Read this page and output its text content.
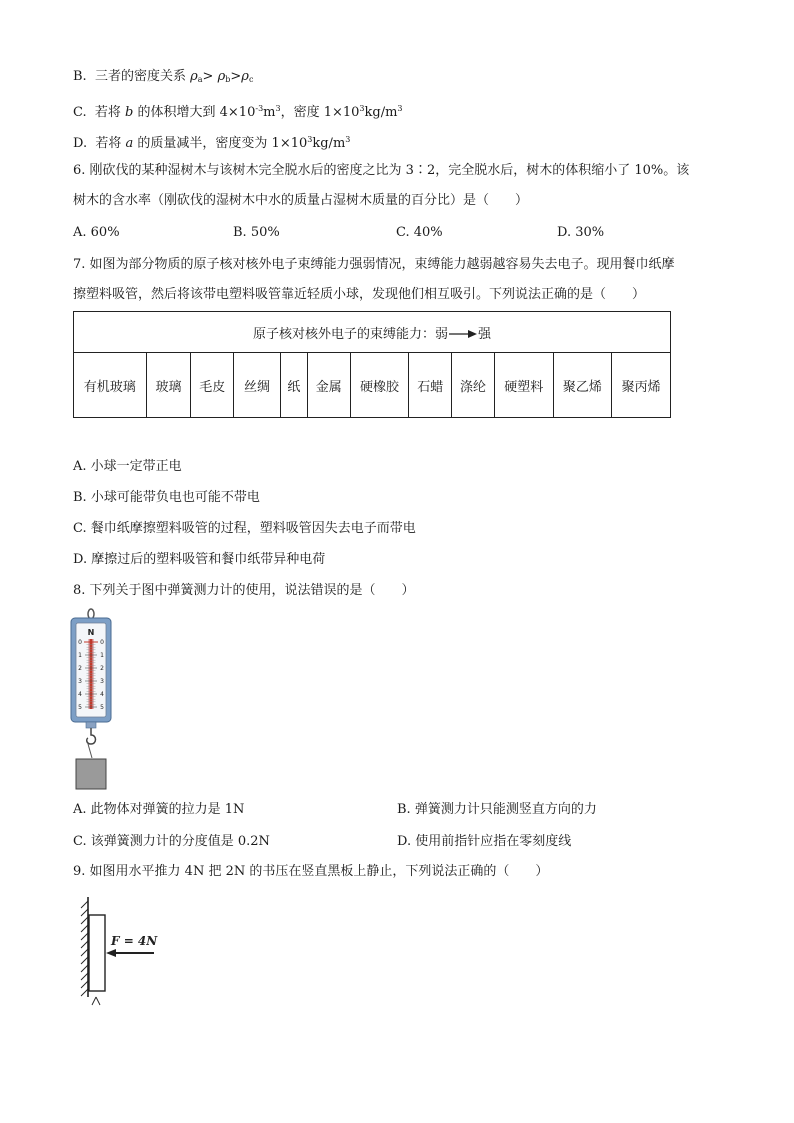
B. 三者的密度关系 $\rho_a> \rho_b>\rho_c$
C. 若将 b 的体积增大到 $4\times 10^{-3}m^3$，密度 $1\times 10^3kg/m^3$
D. 若将 a 的质量减半，密度变为 $1\times 10^3kg/m^3$
6. 刚砍伐的某种湿树木与该树木完全脱水后的密度之比为 3∶2，完全脱水后，树木的体积缩小了 10%。该
树木的含水率（刚砍伐的湿树木中水的质量占湿树木质量的百分比）是（　　）
A. 60%	B. 50%	C. 40%	D. 30%
7. 如图为部分物质的原子核对核外电子束缚能力强弱情况，束缚能力越弱越容易失去电子。现用餐巾纸摩
擦塑料吸管，然后将该带电塑料吸管靠近轻质小球，发现他们相互吸引。下列说法正确的是（　　）
原子核对核外电子的束缚能力：弱 强
有机玻璃	玻璃	毛皮	丝绸	纸	金属	硬橡胶	石蜡	涤纶	硬塑料	聚乙烯	聚丙烯
A. 小球一定带正电
B. 小球可能带负电也可能不带电
C. 餐巾纸摩擦塑料吸管的过程，塑料吸管因失去电子而带电
D. 摩擦过后的塑料吸管和餐巾纸带异种电荷
8. 下列关于图中弹簧测力计的使用，说法错误的是（　　）
N
0	0
1	1
2	2
3	3
4	4
5	5
A. 此物体对弹簧的拉力是 1N	B. 弹簧测力计只能测竖直方向的力
C. 该弹簧测力计的分度值是 0.2N	D. 使用前指针应指在零刻度线
9. 如图用水平推力 4N 把 2N 的书压在竖直黑板上静止，下列说法正确的（　　）
F = 4N
